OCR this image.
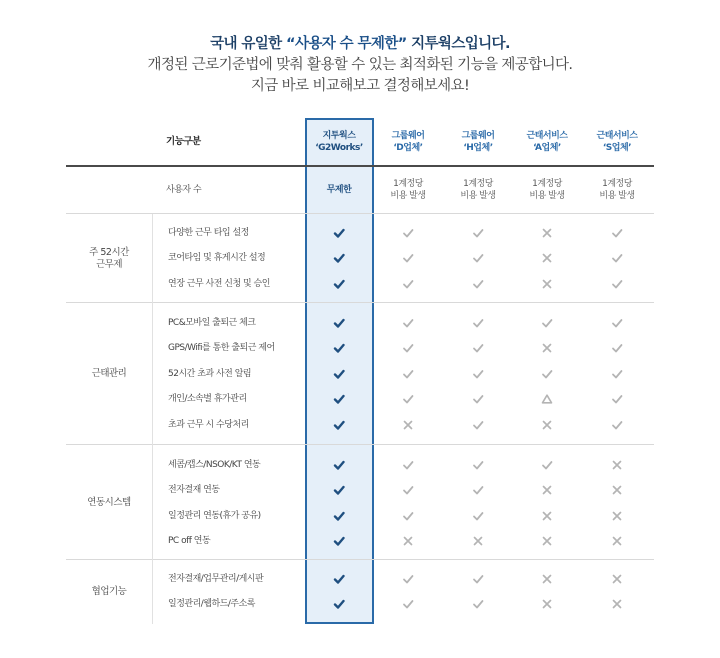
국내 유일한 “사용자 수 무제한” 지투웍스입니다.
개정된 근로기준법에 맞춰 활용할 수 있는 최적화된 기능을 제공합니다.
지금 바로 비교해보고 결정해보세요!
기능구분	지투웍스
‘G2Works’
그룹웨어
‘D업체’
그룹웨어
‘H업체’
근태서비스
‘A업체’
근태서비스
‘S업체’
사용자 수	무제한
1계정당
비용 발생
1계정당
비용 발생
1계정당
비용 발생
1계정당
비용 발생
주 52시간
근무제
다양한 근무 타입 설정
코어타임 및 휴게시간 설정
연장 근무 사전 신청 및 승인
근태관리
PC&모바일 출퇴근 체크
GPS/Wifi를 통한 출퇴근 제어
52시간 초과 사전 알림
개인/소속별 휴가관리
초과 근무 시 수당처리
연동시스템
세콤/캡스/NSOK/KT 연동
전자결재 연동
일정관리 연동(휴가 공유)
PC off 연동
협업기능
전자결재/업무관리/게시판
일정관리/웹하드/주소록
